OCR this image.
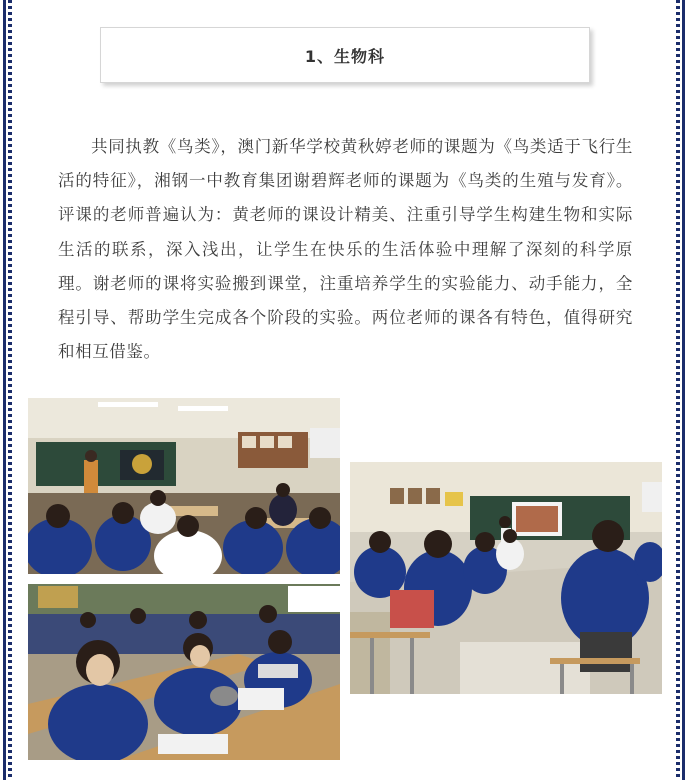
1、生物科

共同执教《鸟类》，澳门新华学校黄秋婷老师的课题为《鸟类适于飞行生活的特征》，湘钢一中教育集团谢碧辉老师的课题为《鸟类的生殖与发育》。评课的老师普遍认为：黄老师的课设计精美、注重引导学生构建生物和实际生活的联系，深入浅出，让学生在快乐的生活体验中理解了深刻的科学原理。谢老师的课将实验搬到课堂，注重培养学生的实验能力、动手能力，全程引导、帮助学生完成各个阶段的实验。两位老师的课各有特色，值得研究和相互借鉴。
